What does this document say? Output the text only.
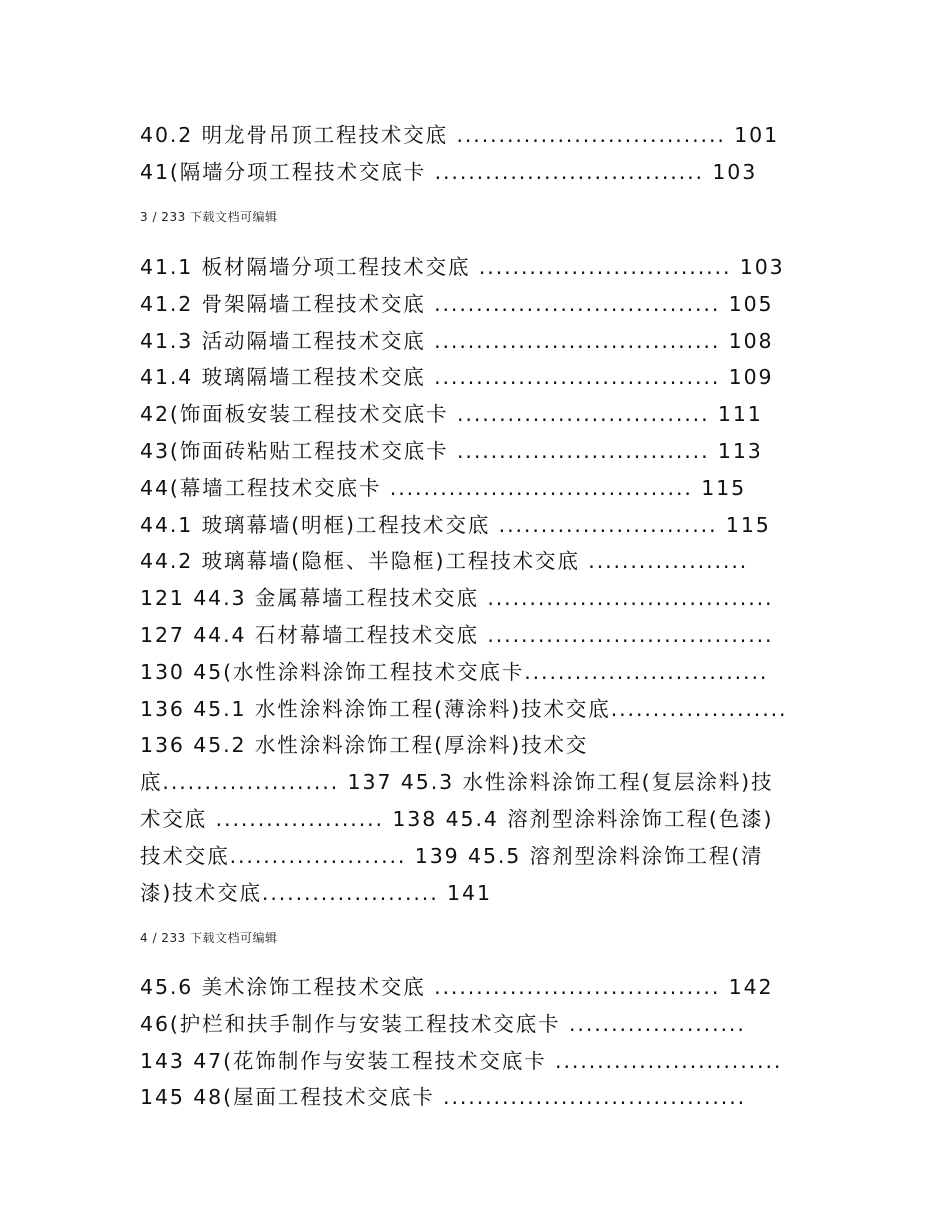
40.2 明龙骨吊顶工程技术交底 ................................ 101

41(隔墙分项工程技术交底卡 ................................ 103

3 / 233 下载文档可编辑

41.1 板材隔墙分项工程技术交底 .............................. 103

41.2 骨架隔墙工程技术交底 .................................. 105

41.3 活动隔墙工程技术交底 .................................. 108

41.4 玻璃隔墙工程技术交底 .................................. 109

42(饰面板安装工程技术交底卡 .............................. 111

43(饰面砖粘贴工程技术交底卡 .............................. 113

44(幕墙工程技术交底卡 .................................... 115

44.1 玻璃幕墙(明框)工程技术交底 .......................... 115

44.2 玻璃幕墙(隐框、半隐框)工程技术交底 ...................

121 44.3 金属幕墙工程技术交底 ..................................

127 44.4 石材幕墙工程技术交底 ..................................

130 45(水性涂料涂饰工程技术交底卡.............................

136 45.1 水性涂料涂饰工程(薄涂料)技术交底.....................

136 45.2 水性涂料涂饰工程(厚涂料)技术交

底..................... 137 45.3 水性涂料涂饰工程(复层涂料)技

术交底 .................... 138 45.4 溶剂型涂料涂饰工程(色漆)

技术交底..................... 139 45.5 溶剂型涂料涂饰工程(清

漆)技术交底..................... 141

4 / 233 下载文档可编辑

45.6 美术涂饰工程技术交底 .................................. 142

46(护栏和扶手制作与安装工程技术交底卡 .....................

143 47(花饰制作与安装工程技术交底卡 ...........................

145 48(屋面工程技术交底卡 ....................................
